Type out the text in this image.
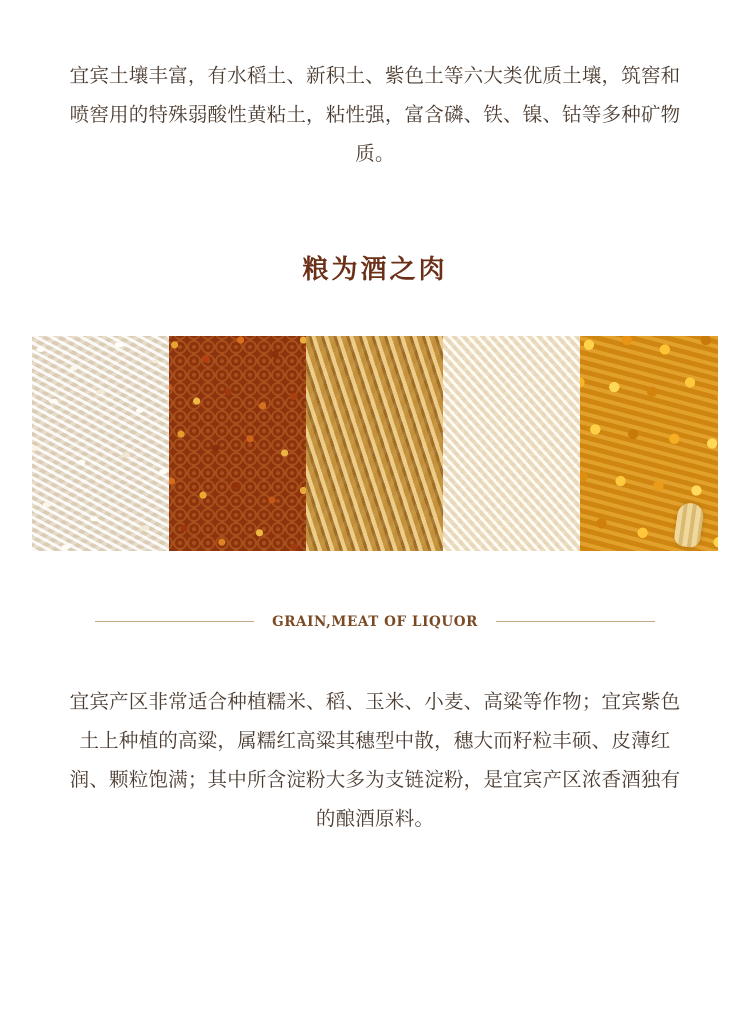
宜宾土壤丰富，有水稻土、新积土、紫色土等六大类优质土壤，筑窖和喷窖用的特殊弱酸性黄粘土，粘性强，富含磷、铁、镍、钴等多种矿物质。

粮为酒之肉
GRAIN,MEAT OF LIQUOR

宜宾产区非常适合种植糯米、稻、玉米、小麦、高粱等作物；宜宾紫色土上种植的高粱，属糯红高粱其穗型中散，穗大而籽粒丰硕、皮薄红润、颗粒饱满；其中所含淀粉大多为支链淀粉，是宜宾产区浓香酒独有的酿酒原料。
